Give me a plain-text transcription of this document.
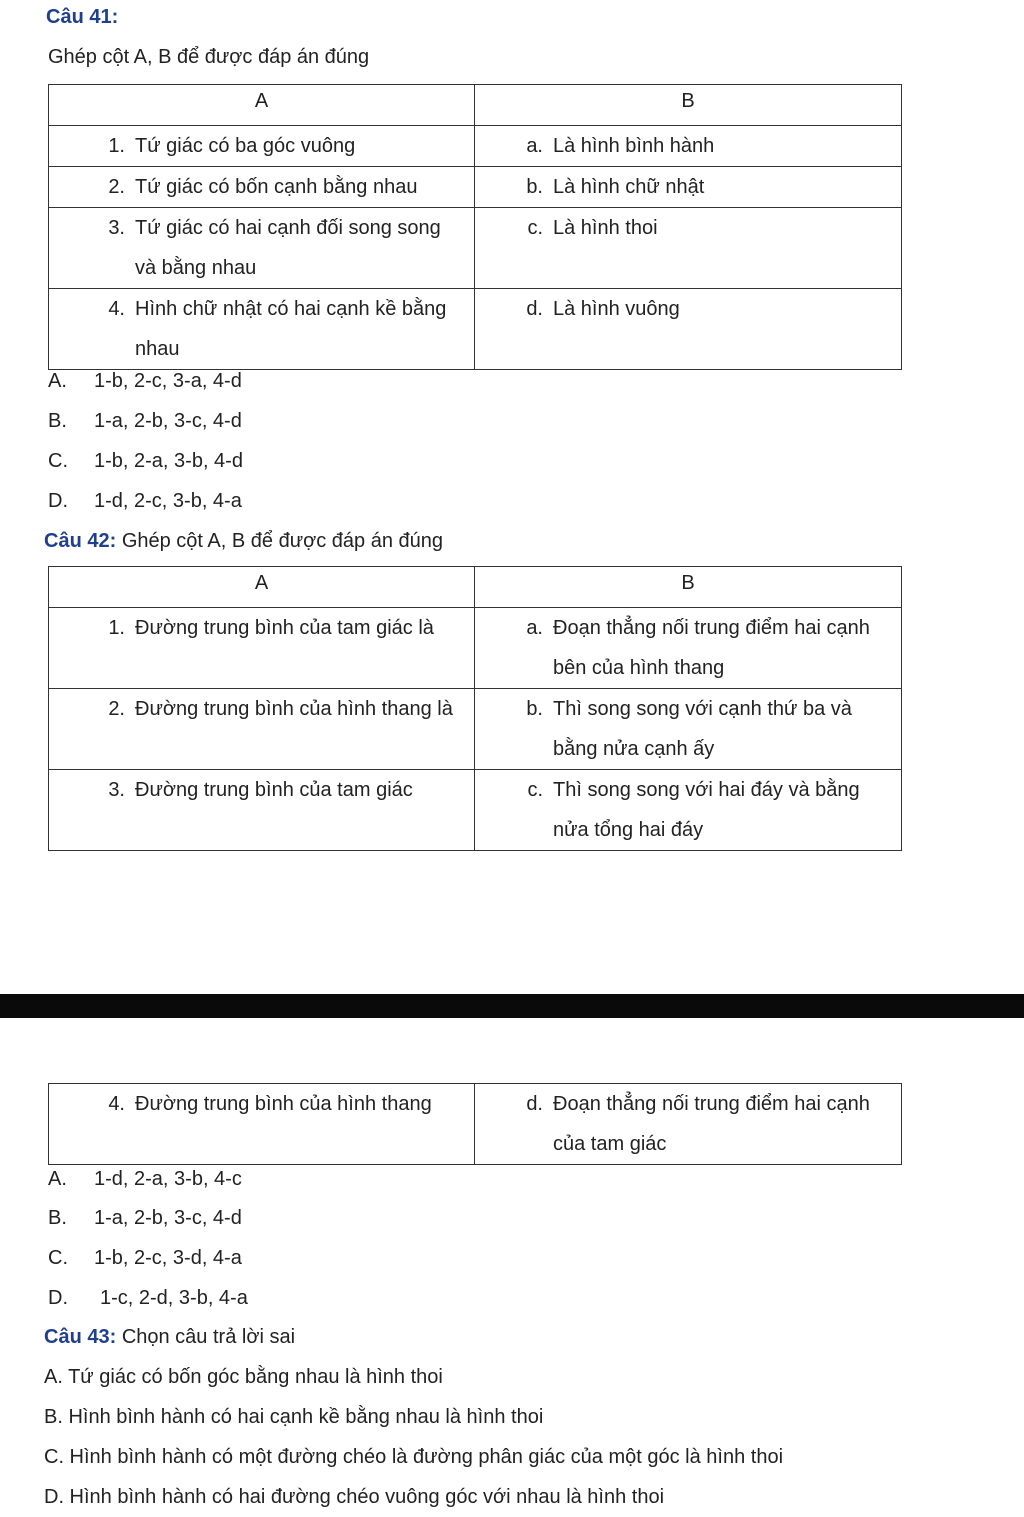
Câu 41:
Ghép cột A, B để được đáp án đúng
A	B

1. Tứ giác có ba góc vuông	a. Là hình bình hành

2. Tứ giác có bốn cạnh bằng nhau	b. Là hình chữ nhật

3. Tứ giác có hai cạnh đối song song và bằng nhau	c. Là hình thoi

4. Hình chữ nhật có hai cạnh kề bằng nhau	d. Là hình vuông
A. 1-b, 2-c, 3-a, 4-d
B. 1-a, 2-b, 3-c, 4-d
C. 1-b, 2-a, 3-b, 4-d
D. 1-d, 2-c, 3-b, 4-a
Câu 42: Ghép cột A, B để được đáp án đúng
A	B

1. Đường trung bình của tam giác là	a. Đoạn thẳng nối trung điểm hai cạnh bên của hình thang

2. Đường trung bình của hình thang là	b. Thì song song với cạnh thứ ba và bằng nửa cạnh ấy

3. Đường trung bình của tam giác	c. Thì song song với hai đáy và bằng nửa tổng hai đáy
4. Đường trung bình của hình thang	d. Đoạn thẳng nối trung điểm hai cạnh của tam giác
A. 1-d, 2-a, 3-b, 4-c
B. 1-a, 2-b, 3-c, 4-d
C. 1-b, 2-c, 3-d, 4-a
D. 1-c, 2-d, 3-b, 4-a
Câu 43: Chọn câu trả lời sai
A. Tứ giác có bốn góc bằng nhau là hình thoi
B. Hình bình hành có hai cạnh kề bằng nhau là hình thoi
C. Hình bình hành có một đường chéo là đường phân giác của một góc là hình thoi
D. Hình bình hành có hai đường chéo vuông góc với nhau là hình thoi
